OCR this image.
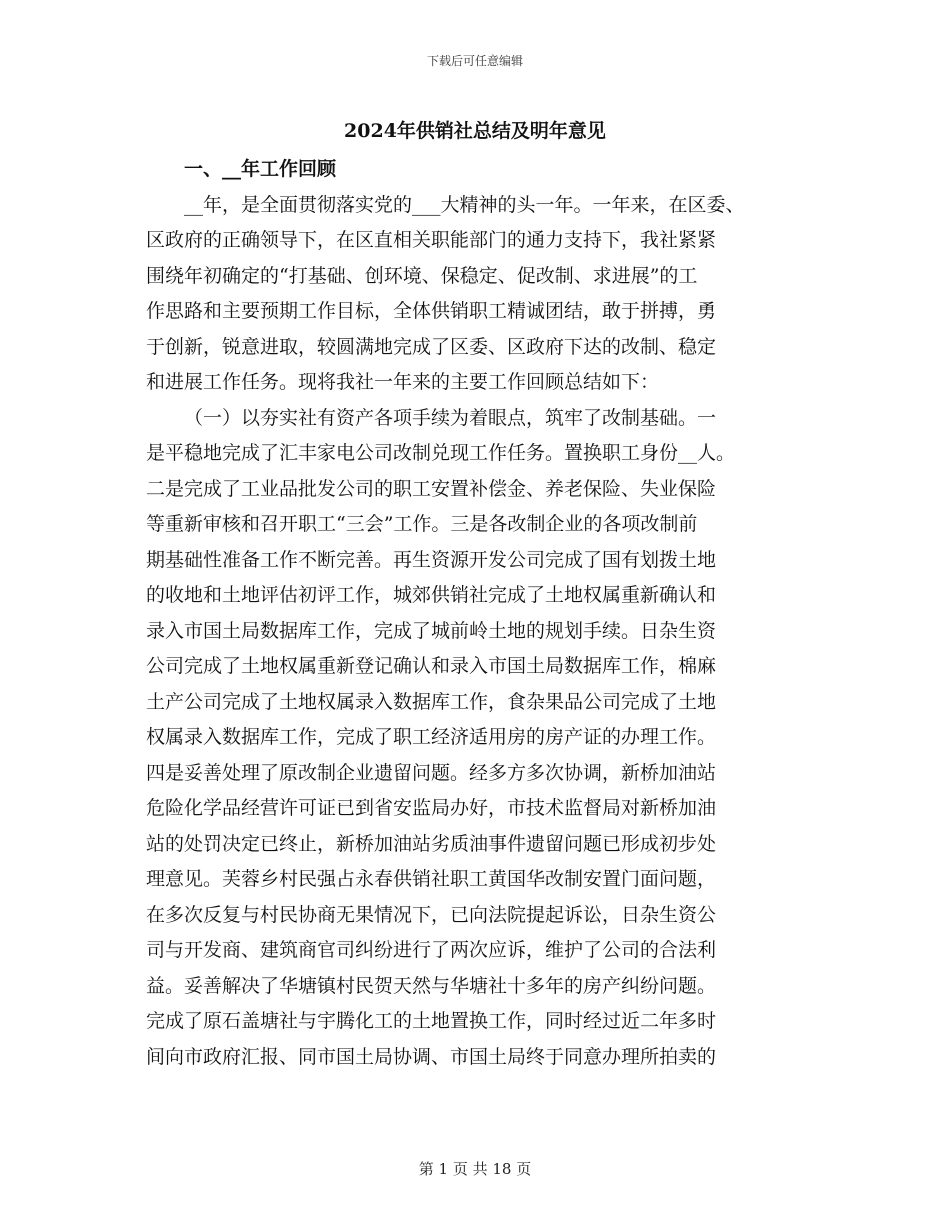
下载后可任意编辑
2024年供销社总结及明年意见
一、__年工作回顾
__年，是全面贯彻落实党的___大精神的头一年。一年来，在区委、
区政府的正确领导下，在区直相关职能部门的通力支持下，我社紧紧
围绕年初确定的“打基础、创环境、保稳定、促改制、求进展”的工
作思路和主要预期工作目标，全体供销职工精诚团结，敢于拼搏，勇
于创新，锐意进取，较圆满地完成了区委、区政府下达的改制、稳定
和进展工作任务。现将我社一年来的主要工作回顾总结如下：
（一）以夯实社有资产各项手续为着眼点，筑牢了改制基础。一
是平稳地完成了汇丰家电公司改制兑现工作任务。置换职工身份__人。
二是完成了工业品批发公司的职工安置补偿金、养老保险、失业保险
等重新审核和召开职工“三会”工作。三是各改制企业的各项改制前
期基础性准备工作不断完善。再生资源开发公司完成了国有划拨土地
的收地和土地评估初评工作，城郊供销社完成了土地权属重新确认和
录入市国土局数据库工作，完成了城前岭土地的规划手续。日杂生资
公司完成了土地权属重新登记确认和录入市国土局数据库工作，棉麻
土产公司完成了土地权属录入数据库工作，食杂果品公司完成了土地
权属录入数据库工作，完成了职工经济适用房的房产证的办理工作。
四是妥善处理了原改制企业遗留问题。经多方多次协调，新桥加油站
危险化学品经营许可证已到省安监局办好，市技术监督局对新桥加油
站的处罚决定已终止，新桥加油站劣质油事件遗留问题已形成初步处
理意见。芙蓉乡村民强占永春供销社职工黄国华改制安置门面问题，
在多次反复与村民协商无果情况下，已向法院提起诉讼，日杂生资公
司与开发商、建筑商官司纠纷进行了两次应诉，维护了公司的合法利
益。妥善解决了华塘镇村民贺天然与华塘社十多年的房产纠纷问题。
完成了原石盖塘社与宇腾化工的土地置换工作，同时经过近二年多时
间向市政府汇报、同市国土局协调、市国土局终于同意办理所拍卖的
第 1 页 共 18 页
